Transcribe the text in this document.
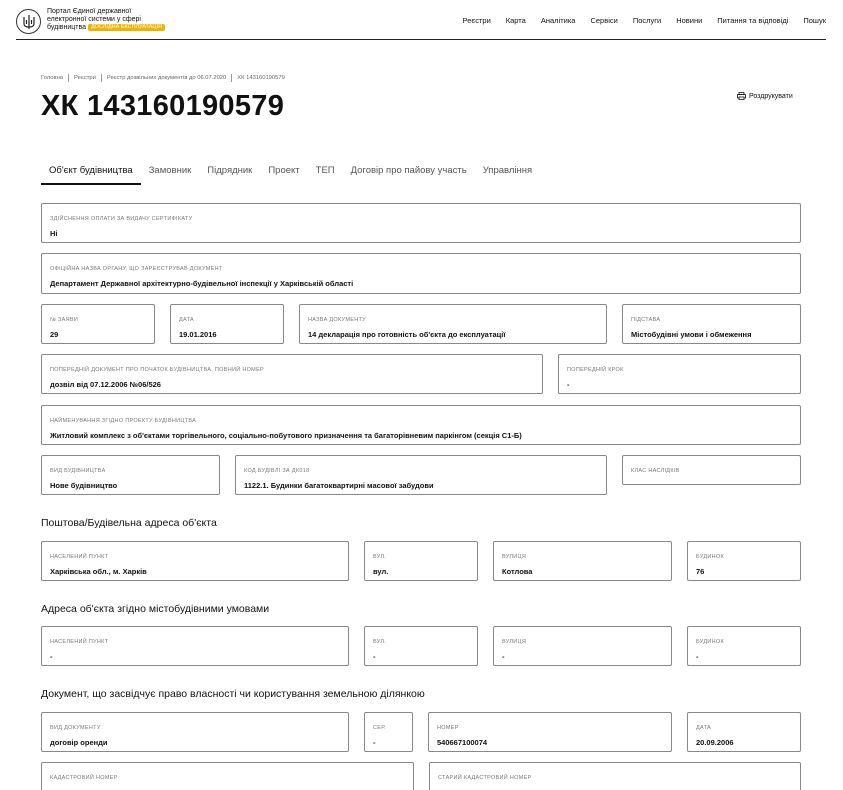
Портал Єдиної державної
електронної системи у сфері
будівництва ДОСЛІДНА ЕКСПЛУАТАЦІЯ
Реєстри Карта Аналітика Сервіси Послуги Новини Питання та відповіді Пошук
Головна Реєстри Реєстр дозвільних документів до 06.07.2020 ХК 143160190579
ХК 143160190579	Роздрукувати
Об'єкт будівництва	Замовник	Підрядник	Проект	ТЕП	Договір про пайову участь	Управління
ЗДІЙСНЕННЯ ОПЛАТИ ЗА ВИДАЧУ СЕРТИФІКАТУ
Ні
ОФІЦІЙНА НАЗВА ОРГАНУ, ЩО ЗАРЕЄСТРУВАВ ДОКУМЕНТ
Департамент Державної архітектурно-будівельної інспекції у Харківській області
№ ЗАЯВИ
29
ДАТА
19.01.2016
НАЗВА ДОКУМЕНТУ
14 декларація про готовність об'єкта до експлуатації
ПІДСТАВА
Містобудівні умови і обмеження
ПОПЕРЕДНІЙ ДОКУМЕНТ ПРО ПОЧАТОК БУДІВНИЦТВА, ПОВНИЙ НОМЕР
дозвіл від 07.12.2006 №06/526
ПОПЕРЕДНІЙ КРОК
-
НАЙМЕНУВАННЯ ЗГІДНО ПРОЕКТУ БУДІВНИЦТВА
Житловий комплекс з об'єктами торгівельного, соціально-побутового призначення та багаторівневим паркінгом (секція С1-Б)
ВИД БУДІВНИЦТВА
Нове будівництво
КОД БУДІВЛІ ЗА ДК018
1122.1. Будинки багатоквартирні масової забудови
КЛАС НАСЛІДКІВ
Поштова/Будівельна адреса об'єкта
НАСЕЛЕНИЙ ПУНКТ
Харківська обл., м. Харків
ВУЛ.
вул.
ВУЛИЦЯ
Котлова
БУДИНОК
76
Адреса об'єкта згідно містобудівними умовами
НАСЕЛЕНИЙ ПУНКТ
-
ВУЛ.
-
ВУЛИЦЯ
-
БУДИНОК
-
Документ, що засвідчує право власності чи користування земельною ділянкою
ВИД ДОКУМЕНТУ
договір оренди
СЕР.
-
НОМЕР
540667100074
ДАТА
20.09.2006
КАДАСТРОВИЙ НОМЕР	СТАРИЙ КАДАСТРОВИЙ НОМЕР
